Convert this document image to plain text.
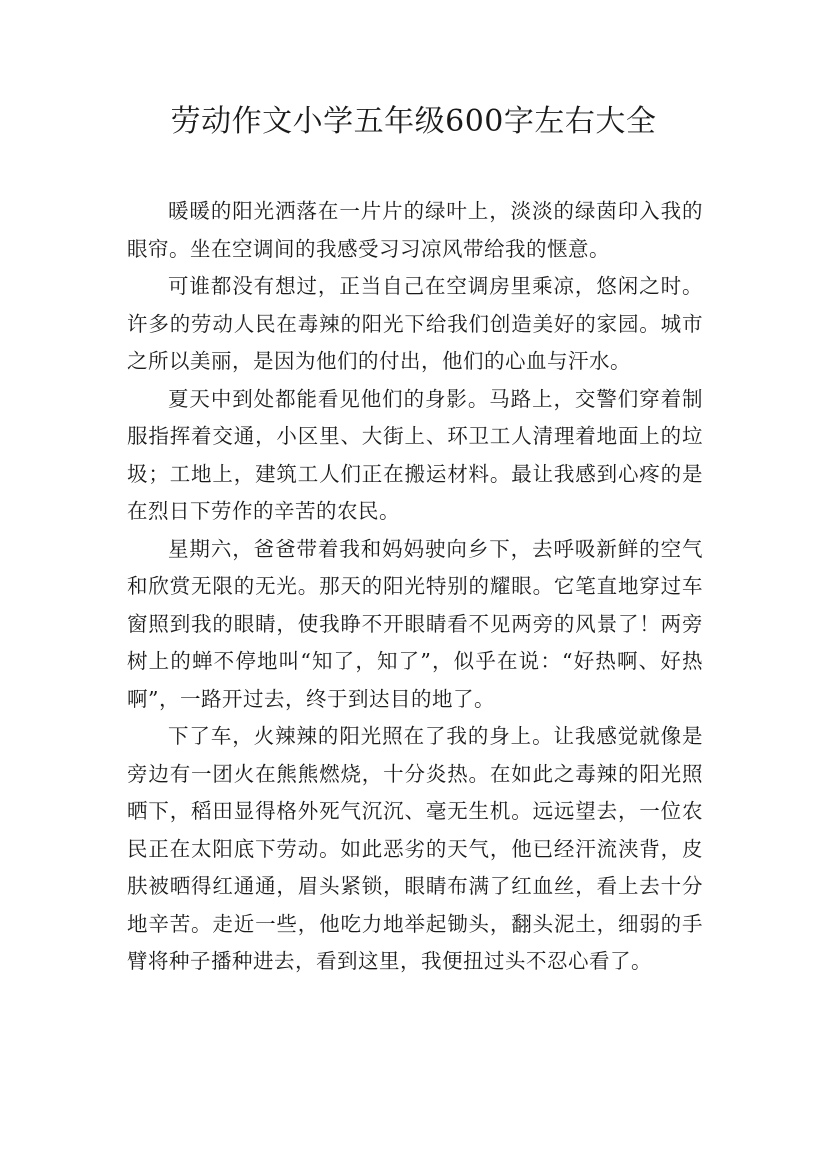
劳动作文小学五年级600字左右大全

暖暖的阳光洒落在一片片的绿叶上，淡淡的绿茵印入我的眼帘。坐在空调间的我感受习习凉风带给我的惬意。

可谁都没有想过，正当自己在空调房里乘凉，悠闲之时。许多的劳动人民在毒辣的阳光下给我们创造美好的家园。城市之所以美丽，是因为他们的付出，他们的心血与汗水。

夏天中到处都能看见他们的身影。马路上，交警们穿着制服指挥着交通，小区里、大街上、环卫工人清理着地面上的垃圾；工地上，建筑工人们正在搬运材料。最让我感到心疼的是在烈日下劳作的辛苦的农民。

星期六，爸爸带着我和妈妈驶向乡下，去呼吸新鲜的空气和欣赏无限的无光。那天的阳光特别的耀眼。它笔直地穿过车窗照到我的眼睛，使我睁不开眼睛看不见两旁的风景了！两旁树上的蝉不停地叫“知了，知了”，似乎在说：“好热啊、好热啊”，一路开过去，终于到达目的地了。

下了车，火辣辣的阳光照在了我的身上。让我感觉就像是旁边有一团火在熊熊燃烧，十分炎热。在如此之毒辣的阳光照晒下，稻田显得格外死气沉沉、毫无生机。远远望去，一位农民正在太阳底下劳动。如此恶劣的天气，他已经汗流浃背，皮肤被晒得红通通，眉头紧锁，眼睛布满了红血丝，看上去十分地辛苦。走近一些，他吃力地举起锄头，翻头泥土，细弱的手臂将种子播种进去，看到这里，我便扭过头不忍心看了。
